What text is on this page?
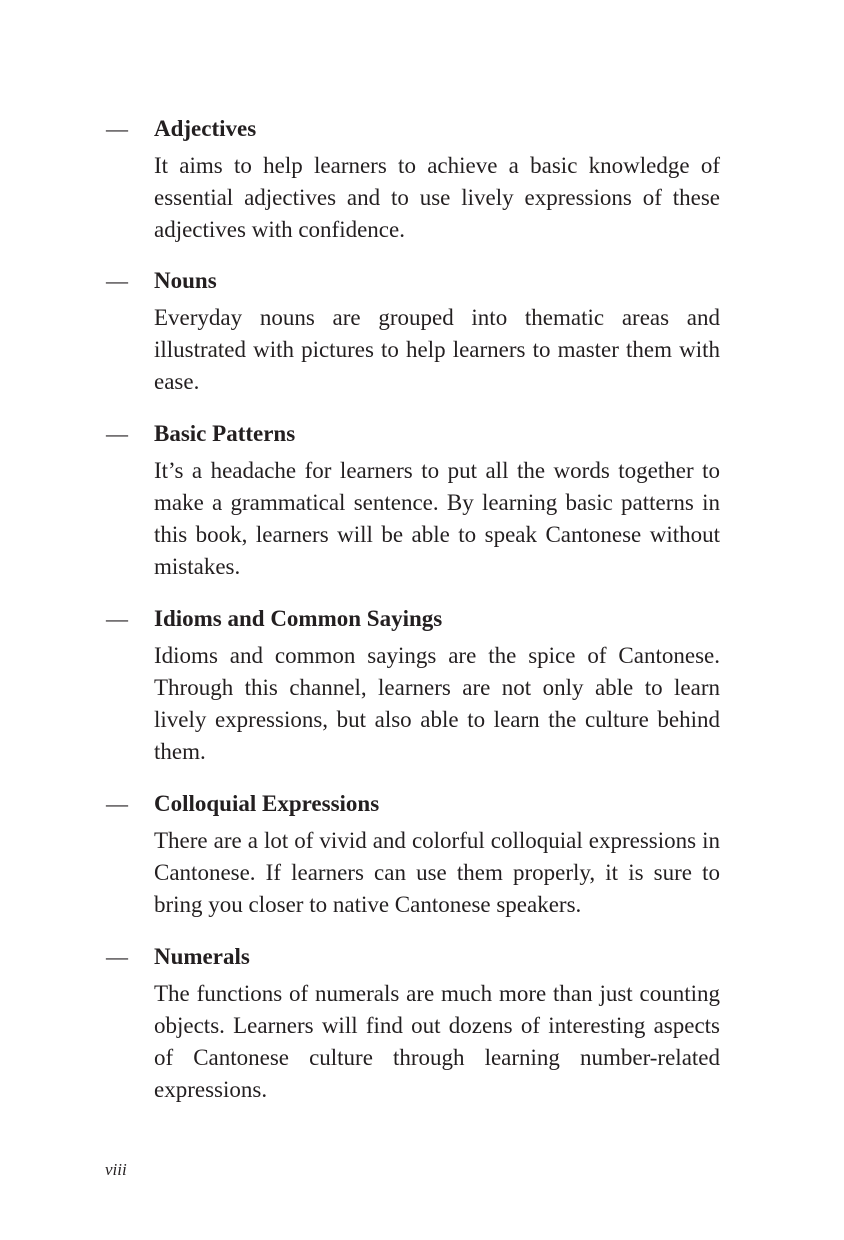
— Adjectives
It aims to help learners to achieve a basic knowledge of essential adjectives and to use lively expressions of these adjectives with confidence.
— Nouns
Everyday nouns are grouped into thematic areas and illustrated with pictures to help learners to master them with ease.
— Basic Patterns
It’s a headache for learners to put all the words together to make a grammatical sentence. By learning basic patterns in this book, learners will be able to speak Cantonese without mistakes.
— Idioms and Common Sayings
Idioms and common sayings are the spice of Cantonese. Through this channel, learners are not only able to learn lively expressions, but also able to learn the culture behind them.
— Colloquial Expressions
There are a lot of vivid and colorful colloquial expressions in Cantonese. If learners can use them properly, it is sure to bring you closer to native Cantonese speakers.
— Numerals
The functions of numerals are much more than just counting objects. Learners will find out dozens of interesting aspects of Cantonese culture through learning number-related expressions.
viii
